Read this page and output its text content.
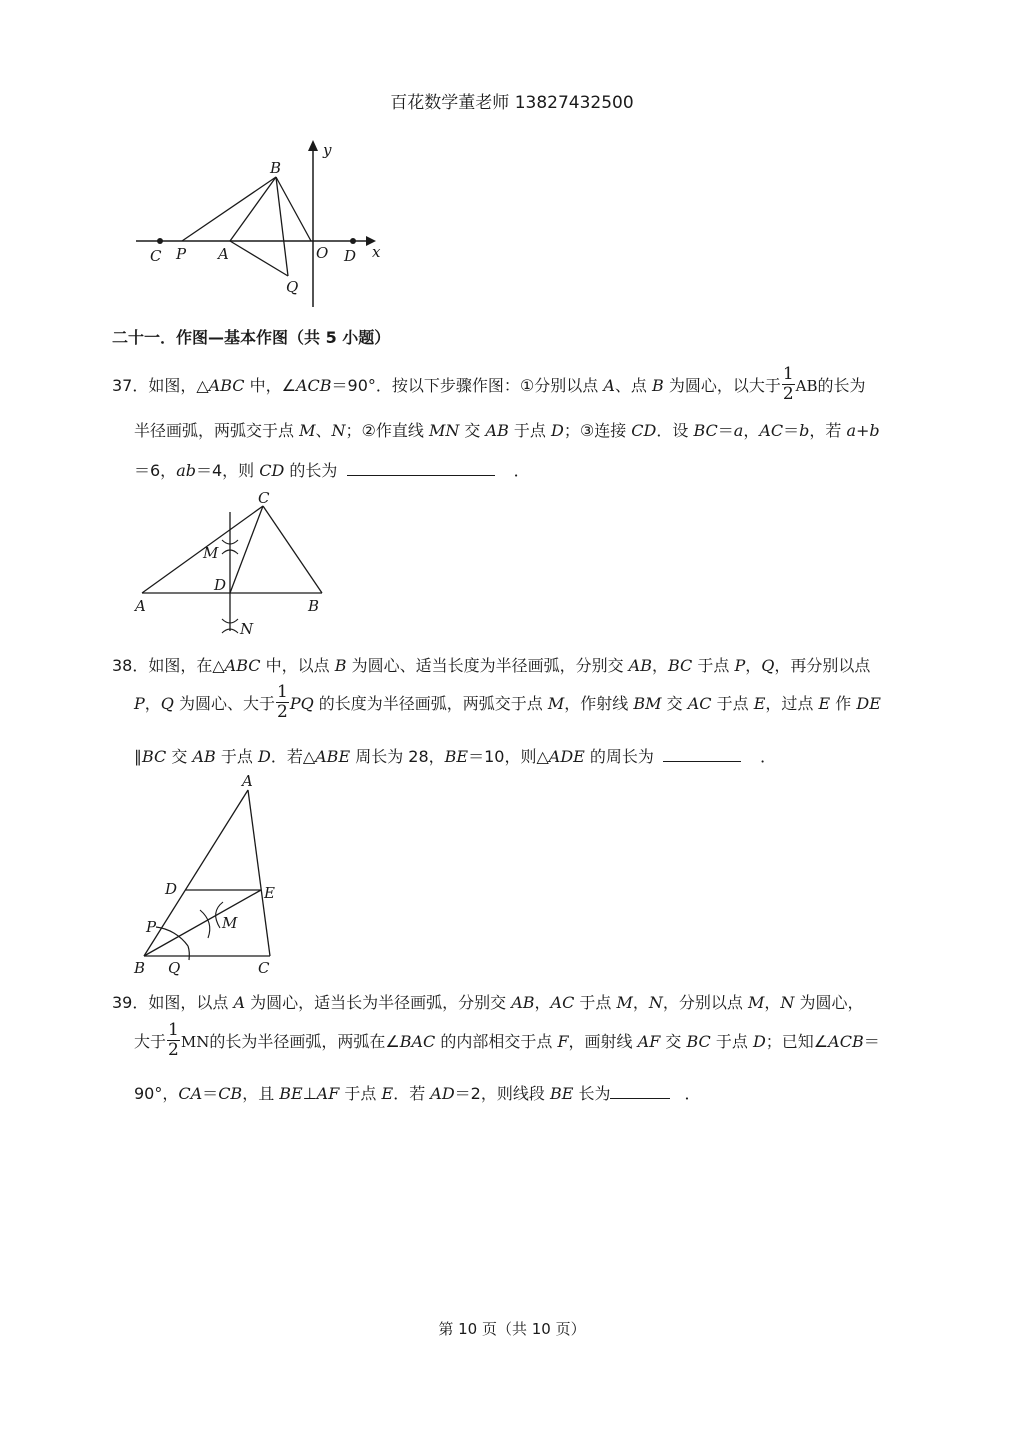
百花数学董老师 13827432500
y
B
C P A	O D x
Q
二十一．作图—基本作图（共 5 小题）
37．如图，△ABC 中，∠ACB＝90°．按以下步骤作图：①分别以点 A、点 B 为圆心，以大于 $\frac{1}{2}$ AB的长为
半径画弧，两弧交于点 M、N；②作直线 MN 交 AB 于点 D；③连接 CD．设 BC＝a，AC＝b，若 a+b
＝6，ab＝4，则 CD 的长为	．
C
M
D
A	B
N
38．如图，在△ABC 中，以点 B 为圆心、适当长度为半径画弧，分别交 AB，BC 于点 P，Q，再分别以点
P，Q 为圆心、大于 $\frac{1}{2}$ PQ 的长度为半径画弧，两弧交于点 M，作射线 BM 交 AC 于点 E，过点 E 作 DE
∥BC 交 AB 于点 D．若△ABE 周长为 28，BE＝10，则△ADE 的周长为	．
A
D	E
P	M
B Q	C
39．如图，以点 A 为圆心，适当长为半径画弧，分别交 AB，AC 于点 M，N，分别以点 M，N 为圆心，
大于 $\frac{1}{2}$ MN的长为半径画弧，两弧在∠BAC 的内部相交于点 F，画射线 AF 交 BC 于点 D；已知∠ACB＝
90°，CA＝CB，且 BE⊥AF 于点 E．若 AD＝2，则线段 BE 长为	．
第 10 页（共 10 页）
